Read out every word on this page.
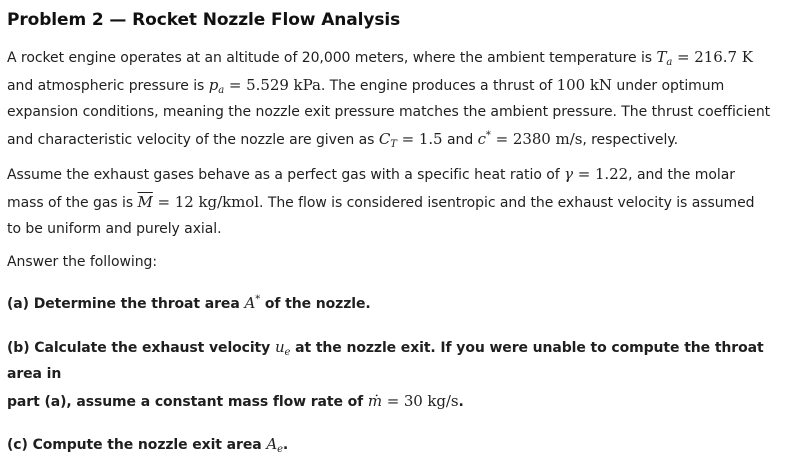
Problem 2 — Rocket Nozzle Flow Analysis

A rocket engine operates at an altitude of 20,000 meters, where the ambient temperature is $T_a = 216.7$ K
and atmospheric pressure is $p_a = 5.529$ kPa. The engine produces a thrust of 100 kN under optimum
expansion conditions, meaning the nozzle exit pressure matches the ambient pressure. The thrust coefficient
and characteristic velocity of the nozzle are given as $C_T = 1.5$ and c* = 2380 m/s, respectively.

Assume the exhaust gases behave as a perfect gas with a specific heat ratio of γ = 1.22, and the molar
mass of the gas is $\overline{M} = 12$ kg/kmol. The flow is considered isentropic and the exhaust velocity is assumed
to be uniform and purely axial.

Answer the following:

(a) Determine the throat area A* of the nozzle.

(b) Calculate the exhaust velocity $u_e$ at the nozzle exit. If you were unable to compute the throat area in
part (a), assume a constant mass flow rate of ṁ = 30 kg/s.

(c) Compute the nozzle exit area $A_e$.
